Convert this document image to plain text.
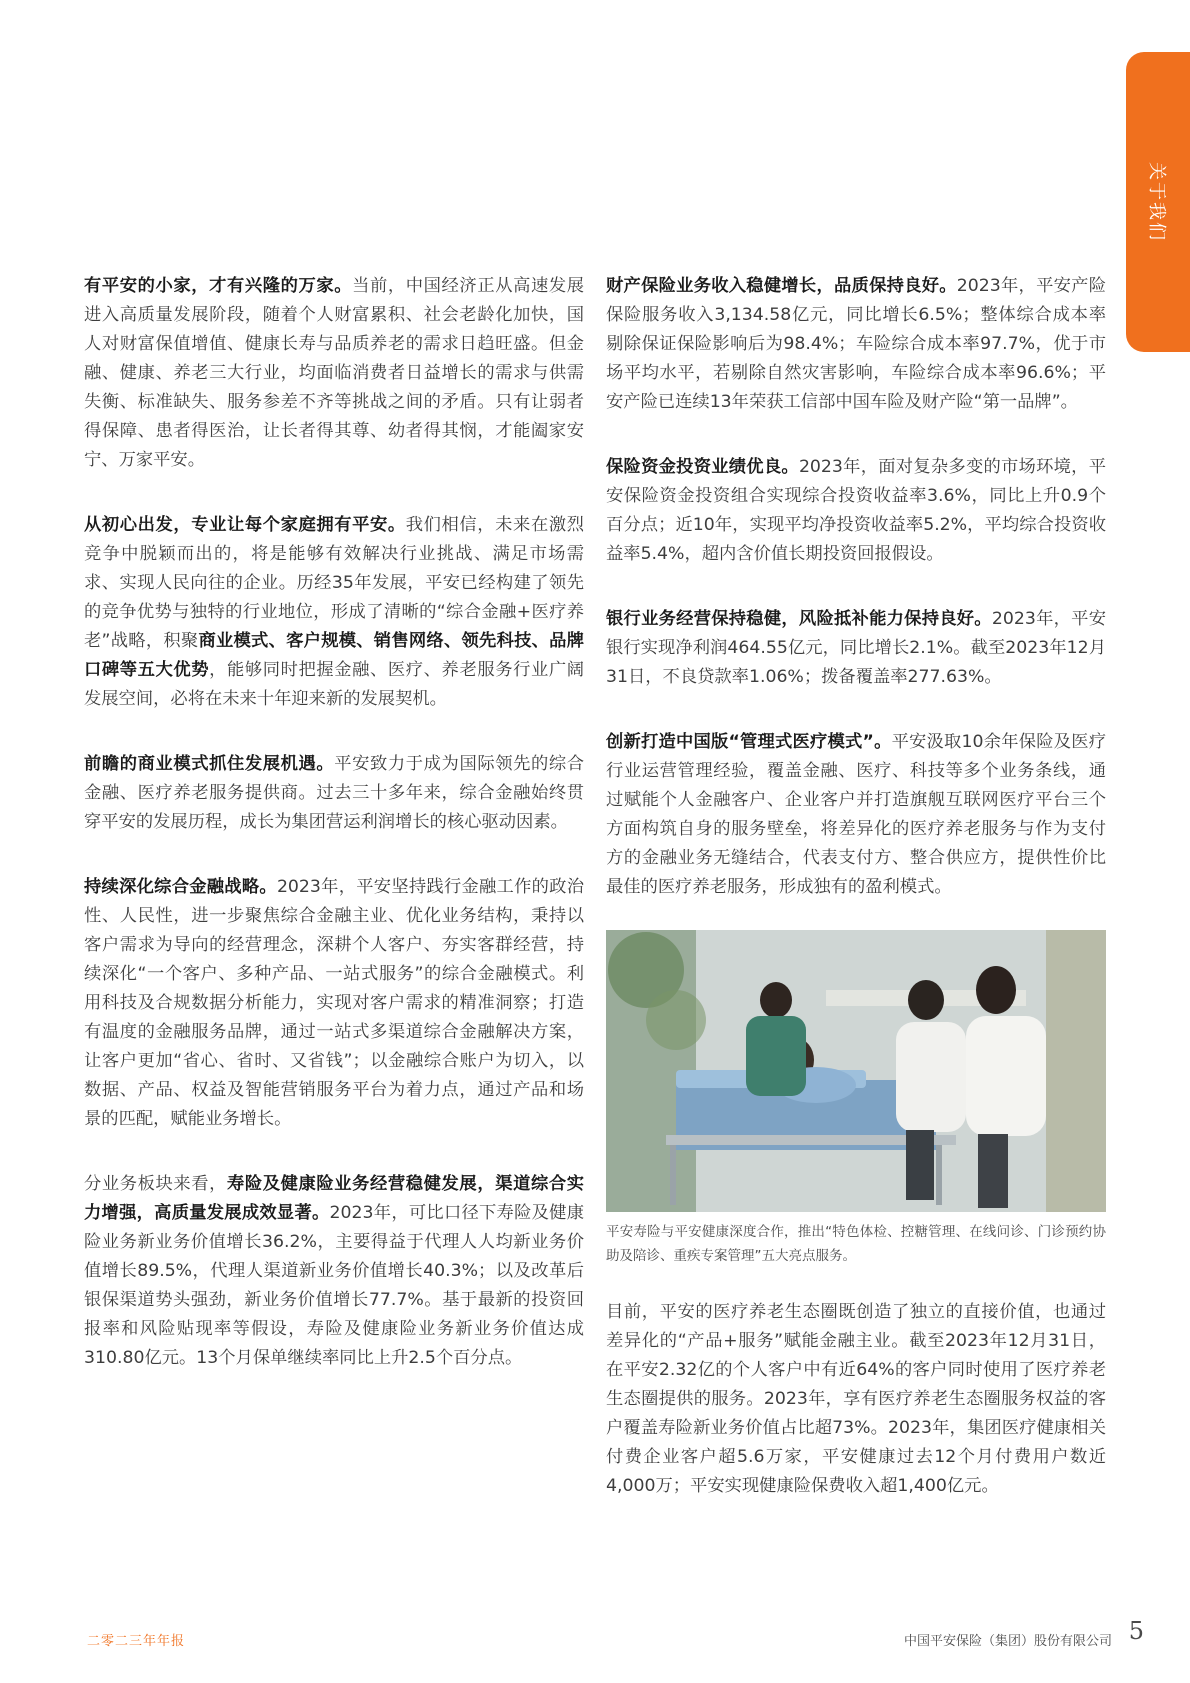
关于我们

有平安的小家，才有兴隆的万家。当前，中国经济正从高速发展进入高质量发展阶段，随着个人财富累积、社会老龄化加快，国人对财富保值增值、健康长寿与品质养老的需求日趋旺盛。但金融、健康、养老三大行业，均面临消费者日益增长的需求与供需失衡、标准缺失、服务参差不齐等挑战之间的矛盾。只有让弱者得保障、患者得医治，让长者得其尊、幼者得其悯，才能阖家安宁、万家平安。

从初心出发，专业让每个家庭拥有平安。我们相信，未来在激烈竞争中脱颖而出的，将是能够有效解决行业挑战、满足市场需求、实现人民向往的企业。历经35年发展，平安已经构建了领先的竞争优势与独特的行业地位，形成了清晰的“综合金融+医疗养老”战略，积聚商业模式、客户规模、销售网络、领先科技、品牌口碑等五大优势，能够同时把握金融、医疗、养老服务行业广阔发展空间，必将在未来十年迎来新的发展契机。

前瞻的商业模式抓住发展机遇。平安致力于成为国际领先的综合金融、医疗养老服务提供商。过去三十多年来，综合金融始终贯穿平安的发展历程，成长为集团营运利润增长的核心驱动因素。

持续深化综合金融战略。2023年，平安坚持践行金融工作的政治性、人民性，进一步聚焦综合金融主业、优化业务结构，秉持以客户需求为导向的经营理念，深耕个人客户、夯实客群经营，持续深化“一个客户、多种产品、一站式服务”的综合金融模式。利用科技及合规数据分析能力，实现对客户需求的精准洞察；打造有温度的金融服务品牌，通过一站式多渠道综合金融解决方案，让客户更加“省心、省时、又省钱”；以金融综合账户为切入，以数据、产品、权益及智能营销服务平台为着力点，通过产品和场景的匹配，赋能业务增长。

分业务板块来看，寿险及健康险业务经营稳健发展，渠道综合实力增强，高质量发展成效显著。2023年，可比口径下寿险及健康险业务新业务价值增长36.2%，主要得益于代理人人均新业务价值增长89.5%，代理人渠道新业务价值增长40.3%；以及改革后银保渠道势头强劲，新业务价值增长77.7%。基于最新的投资回报率和风险贴现率等假设，寿险及健康险业务新业务价值达成310.80亿元。13个月保单继续率同比上升2.5个百分点。

财产保险业务收入稳健增长，品质保持良好。2023年，平安产险保险服务收入3,134.58亿元，同比增长6.5%；整体综合成本率剔除保证保险影响后为98.4%；车险综合成本率97.7%，优于市场平均水平，若剔除自然灾害影响，车险综合成本率96.6%；平安产险已连续13年荣获工信部中国车险及财产险“第一品牌”。

保险资金投资业绩优良。2023年，面对复杂多变的市场环境，平安保险资金投资组合实现综合投资收益率3.6%，同比上升0.9个百分点；近10年，实现平均净投资收益率5.2%，平均综合投资收益率5.4%，超内含价值长期投资回报假设。

银行业务经营保持稳健，风险抵补能力保持良好。2023年，平安银行实现净利润464.55亿元，同比增长2.1%。截至2023年12月31日，不良贷款率1.06%；拨备覆盖率277.63%。

创新打造中国版“管理式医疗模式”。平安汲取10余年保险及医疗行业运营管理经验，覆盖金融、医疗、科技等多个业务条线，通过赋能个人金融客户、企业客户并打造旗舰互联网医疗平台三个方面构筑自身的服务壁垒，将差异化的医疗养老服务与作为支付方的金融业务无缝结合，代表支付方、整合供应方，提供性价比最佳的医疗养老服务，形成独有的盈利模式。

平安寿险与平安健康深度合作，推出“特色体检、控糖管理、在线问诊、门诊预约协助及陪诊、重疾专案管理”五大亮点服务。

目前，平安的医疗养老生态圈既创造了独立的直接价值，也通过差异化的“产品+服务”赋能金融主业。截至2023年12月31日，在平安2.32亿的个人客户中有近64%的客户同时使用了医疗养老生态圈提供的服务。2023年，享有医疗养老生态圈服务权益的客户覆盖寿险新业务价值占比超73%。2023年，集团医疗健康相关付费企业客户超5.6万家，平安健康过去12个月付费用户数近4,000万；平安实现健康险保费收入超1,400亿元。

二零二三年年报	中国平安保险（集团）股份有限公司 5
